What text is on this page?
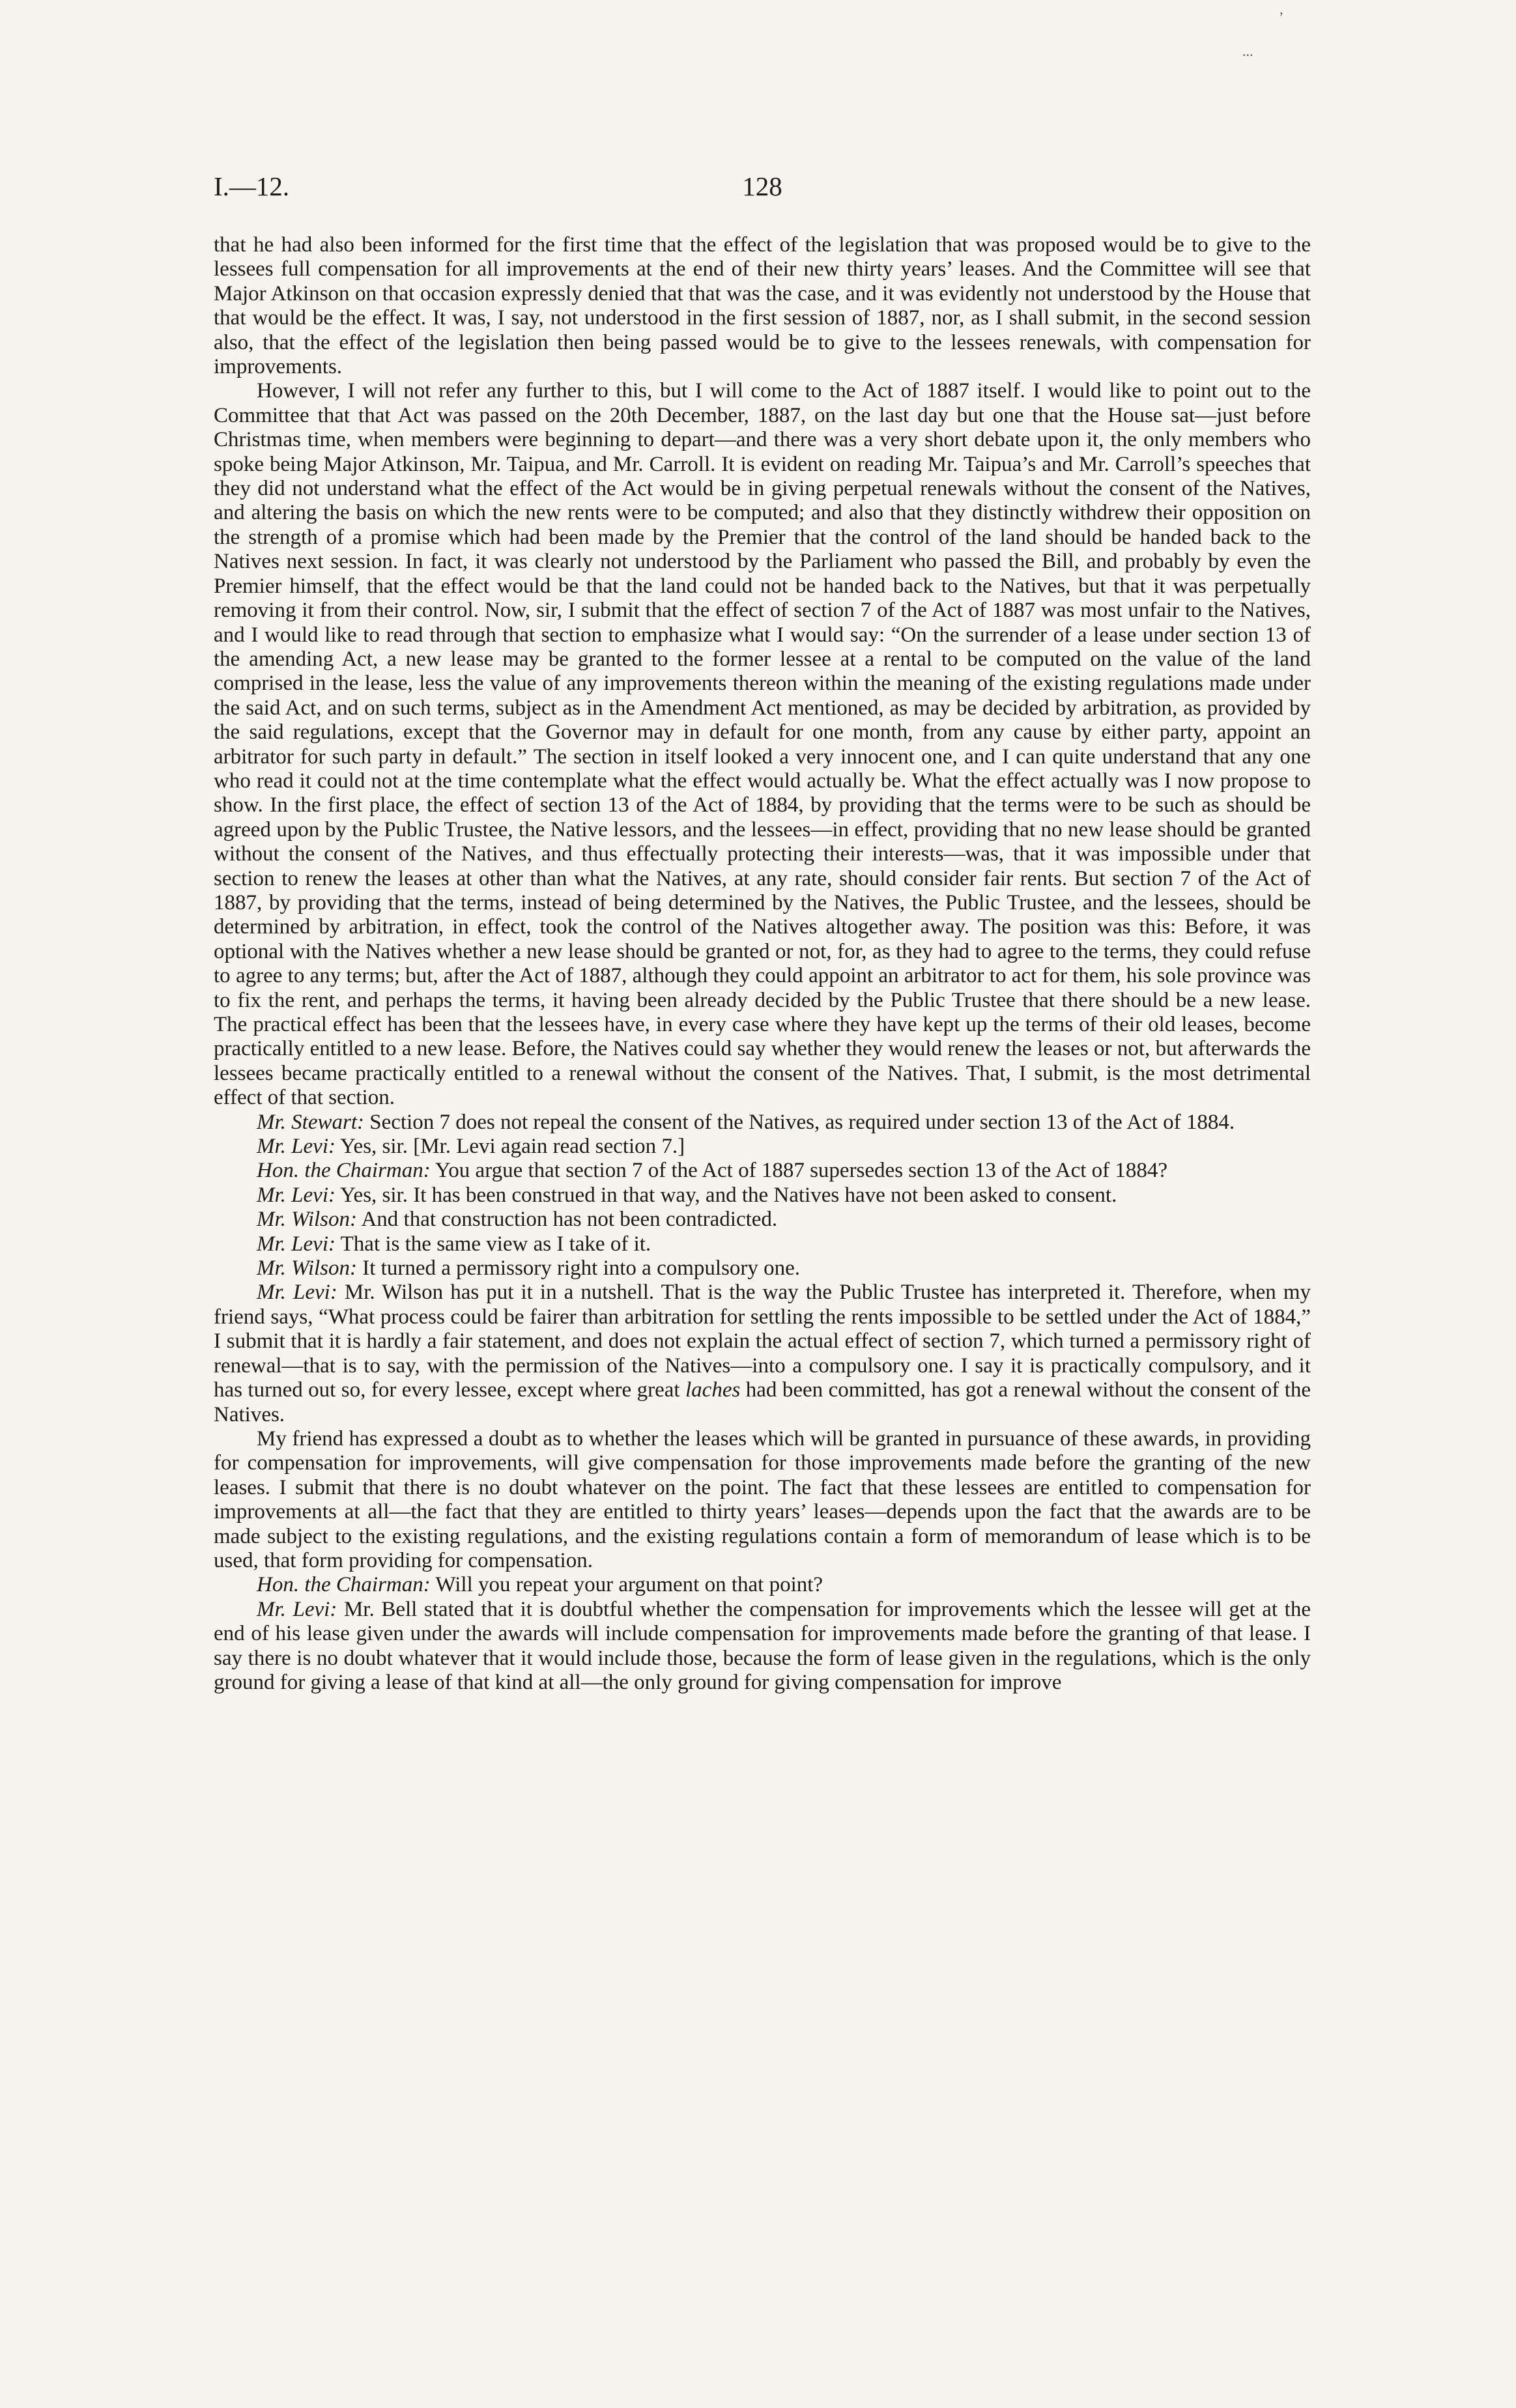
ʼ
...
I.—12.	128

that he had also been informed for the first time that the effect of the legislation that was proposed would be to give to the lessees full compensation for all improvements at the end of their new thirty years’ leases. And the Committee will see that Major Atkinson on that occasion expressly denied that that was the case, and it was evidently not understood by the House that that would be the effect. It was, I say, not understood in the first session of 1887, nor, as I shall submit, in the second session also, that the effect of the legislation then being passed would be to give to the lessees renewals, with compensation for improvements.

However, I will not refer any further to this, but I will come to the Act of 1887 itself. I would like to point out to the Committee that that Act was passed on the 20th December, 1887, on the last day but one that the House sat—just before Christmas time, when members were beginning to depart—and there was a very short debate upon it, the only members who spoke being Major Atkinson, Mr. Taipua, and Mr. Carroll. It is evident on reading Mr. Taipua’s and Mr. Carroll’s speeches that they did not understand what the effect of the Act would be in giving perpetual renewals without the consent of the Natives, and altering the basis on which the new rents were to be computed; and also that they distinctly withdrew their opposition on the strength of a promise which had been made by the Premier that the control of the land should be handed back to the Natives next session. In fact, it was clearly not understood by the Parliament who passed the Bill, and probably by even the Premier himself, that the effect would be that the land could not be handed back to the Natives, but that it was perpetually removing it from their control. Now, sir, I submit that the effect of section 7 of the Act of 1887 was most unfair to the Natives, and I would like to read through that section to emphasize what I would say: “On the surrender of a lease under section 13 of the amending Act, a new lease may be granted to the former lessee at a rental to be computed on the value of the land comprised in the lease, less the value of any improvements thereon within the meaning of the existing regulations made under the said Act, and on such terms, subject as in the Amendment Act mentioned, as may be decided by arbitration, as provided by the said regulations, except that the Governor may in default for one month, from any cause by either party, appoint an arbitrator for such party in default.” The section in itself looked a very innocent one, and I can quite understand that any one who read it could not at the time contemplate what the effect would actually be. What the effect actually was I now propose to show. In the first place, the effect of section 13 of the Act of 1884, by providing that the terms were to be such as should be agreed upon by the Public Trustee, the Native lessors, and the lessees—in effect, providing that no new lease should be granted without the consent of the Natives, and thus effectually protecting their interests—was, that it was impossible under that section to renew the leases at other than what the Natives, at any rate, should consider fair rents. But section 7 of the Act of 1887, by providing that the terms, instead of being determined by the Natives, the Public Trustee, and the lessees, should be determined by arbitration, in effect, took the control of the Natives altogether away. The position was this: Before, it was optional with the Natives whether a new lease should be granted or not, for, as they had to agree to the terms, they could refuse to agree to any terms; but, after the Act of 1887, although they could appoint an arbitrator to act for them, his sole province was to fix the rent, and perhaps the terms, it having been already decided by the Public Trustee that there should be a new lease. The practical effect has been that the lessees have, in every case where they have kept up the terms of their old leases, become practically entitled to a new lease. Before, the Natives could say whether they would renew the leases or not, but afterwards the lessees became practically entitled to a renewal without the consent of the Natives. That, I submit, is the most detrimental effect of that section.

Mr. Stewart: Section 7 does not repeal the consent of the Natives, as required under section 13 of the Act of 1884.

Mr. Levi: Yes, sir. [Mr. Levi again read section 7.]

Hon. the Chairman: You argue that section 7 of the Act of 1887 supersedes section 13 of the Act of 1884?

Mr. Levi: Yes, sir. It has been construed in that way, and the Natives have not been asked to consent.

Mr. Wilson: And that construction has not been contradicted.

Mr. Levi: That is the same view as I take of it.

Mr. Wilson: It turned a permissory right into a compulsory one.

Mr. Levi: Mr. Wilson has put it in a nutshell. That is the way the Public Trustee has interpreted it. Therefore, when my friend says, “What process could be fairer than arbitration for settling the rents impossible to be settled under the Act of 1884,” I submit that it is hardly a fair statement, and does not explain the actual effect of section 7, which turned a permissory right of renewal—that is to say, with the permission of the Natives—into a compulsory one. I say it is practically compulsory, and it has turned out so, for every lessee, except where great laches had been committed, has got a renewal without the consent of the Natives.

My friend has expressed a doubt as to whether the leases which will be granted in pursuance of these awards, in providing for compensation for improvements, will give compensation for those improvements made before the granting of the new leases. I submit that there is no doubt whatever on the point. The fact that these lessees are entitled to compensation for improvements at all—the fact that they are entitled to thirty years’ leases—depends upon the fact that the awards are to be made subject to the existing regulations, and the existing regulations contain a form of memorandum of lease which is to be used, that form providing for compensation.

Hon. the Chairman: Will you repeat your argument on that point?

Mr. Levi: Mr. Bell stated that it is doubtful whether the compensation for improvements which the lessee will get at the end of his lease given under the awards will include compensation for improvements made before the granting of that lease. I say there is no doubt whatever that it would include those, because the form of lease given in the regulations, which is the only ground for giving a lease of that kind at all—the only ground for giving compensation for improve
